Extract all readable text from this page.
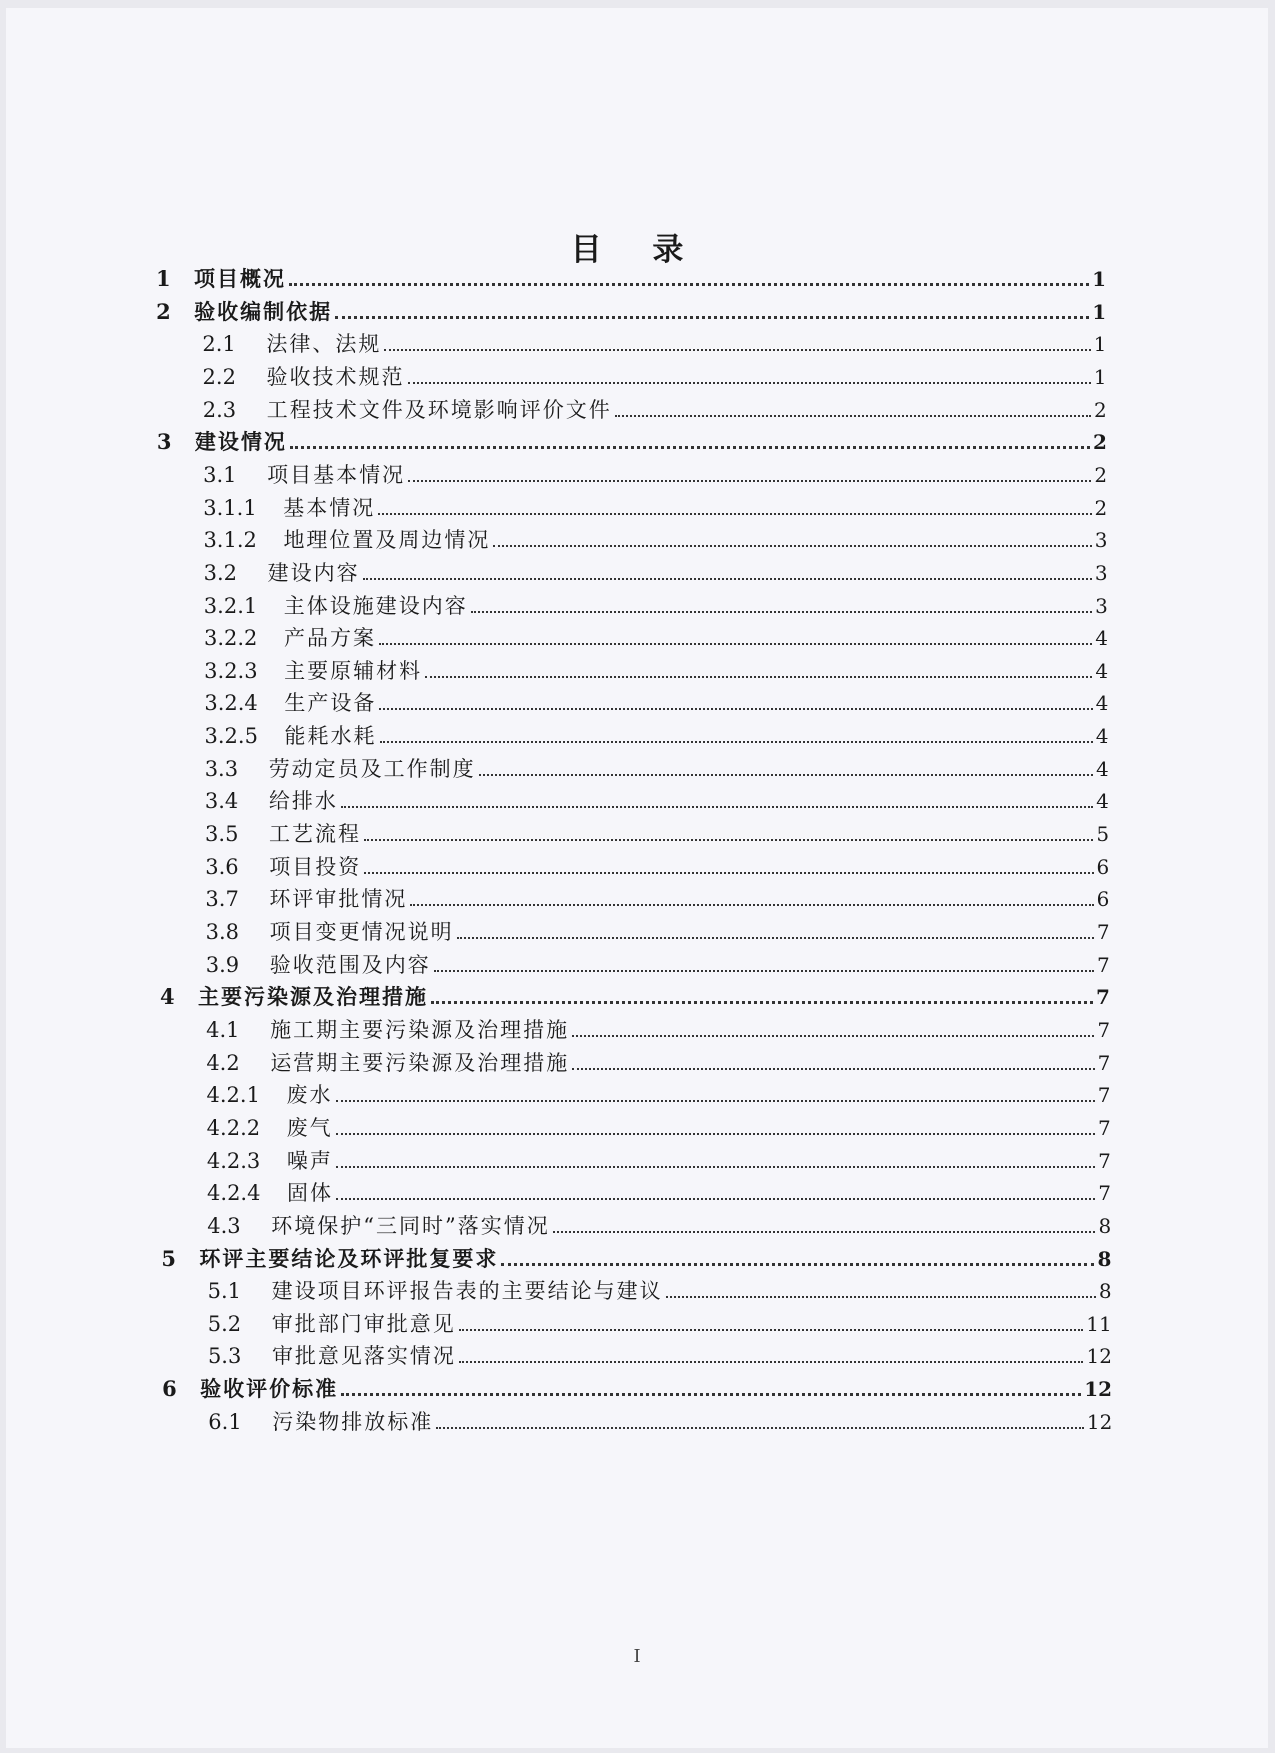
目 录
1	项目概况	1
2	验收编制依据	1
2.1	法律、法规	1
2.2	验收技术规范	1
2.3	工程技术文件及环境影响评价文件	2
3	建设情况	2
3.1	项目基本情况	2
3.1.1	基本情况	2
3.1.2	地理位置及周边情况	3
3.2	建设内容	3
3.2.1	主体设施建设内容	3
3.2.2	产品方案	4
3.2.3	主要原辅材料	4
3.2.4	生产设备	4
3.2.5	能耗水耗	4
3.3	劳动定员及工作制度	4
3.4	给排水	4
3.5	工艺流程	5
3.6	项目投资	6
3.7	环评审批情况	6
3.8	项目变更情况说明	7
3.9	验收范围及内容	7
4	主要污染源及治理措施	7
4.1	施工期主要污染源及治理措施	7
4.2	运营期主要污染源及治理措施	7
4.2.1	废水	7
4.2.2	废气	7
4.2.3	噪声	7
4.2.4	固体	7
4.3	环境保护“三同时”落实情况	8
5	环评主要结论及环评批复要求	8
5.1	建设项目环评报告表的主要结论与建议	8
5.2	审批部门审批意见	11
5.3	审批意见落实情况	12
6	验收评价标准	12
6.1	污染物排放标准	12
I
